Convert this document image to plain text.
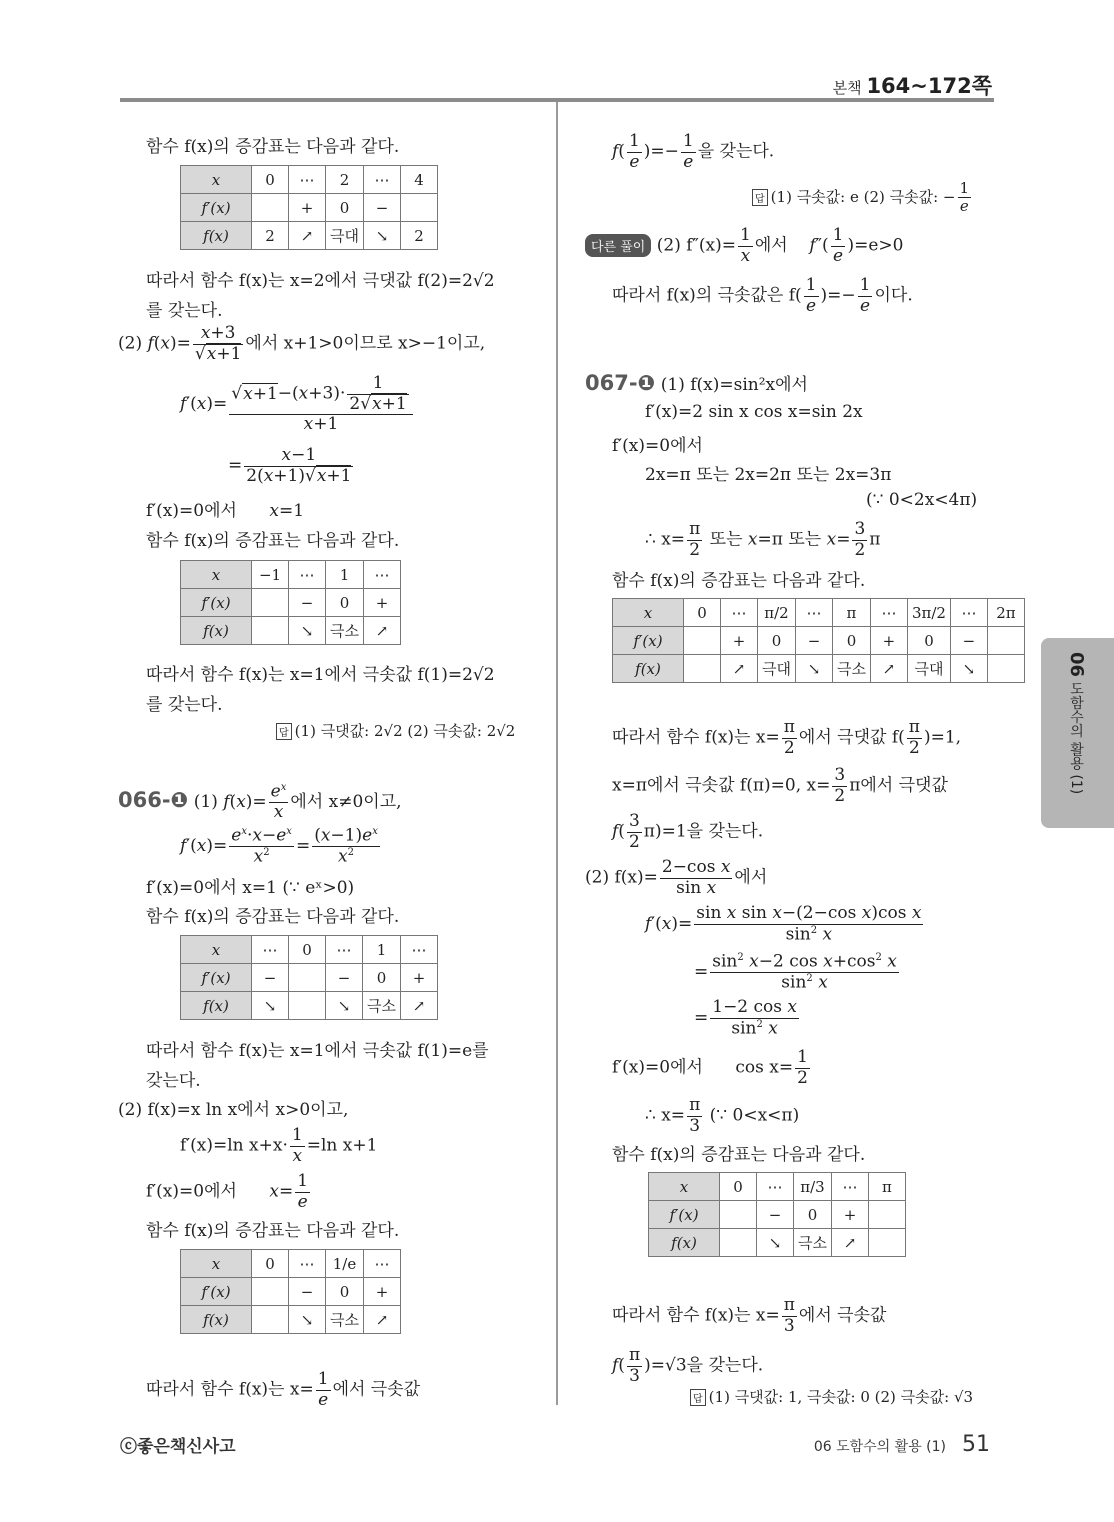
본책 164~172쪽
함수 f(x)의 증감표는 다음과 같다.
x	0	⋯	2	⋯	4
f′(x)		+	0	−	
f(x)	2	↗	극대	↘	2
따라서 함수 f(x)는 x=2에서 극댓값 f(2)=2√2
를 갖는다.
(2) $f(x)= \frac{x+3}{√x+1}$ 에서 x+1>0이므로 x>−1이고,
$f'(x)= \frac{√x+1-(x+3)\cdot \frac{1}{2√x+1}}{x+1}$
= $\frac{x-1}{2(x+1)√x+1}$
f′(x)=0에서 x=1
함수 f(x)의 증감표는 다음과 같다.
x	−1	⋯	1	⋯
f′(x)		−	0	+
f(x)		↘	극소	↗
따라서 함수 f(x)는 x=1에서 극솟값 f(1)=2√2
를 갖는다.
답 (1) 극댓값: 2√2 (2) 극솟값: 2√2
066-❶ (1) $f(x)= \frac{e^x}{x}$ 에서 x≠0이고,
$f'(x)= \frac{e^x\cdot x-e^x}{x^2} = \frac{(x-1)e^x}{x^2}$
f′(x)=0에서 x=1 (∵ eˣ>0)
함수 f(x)의 증감표는 다음과 같다.
x	⋯	0	⋯	1	⋯
f′(x)	−		−	0	+
f(x)	↘		↘	극소	↗
따라서 함수 f(x)는 x=1에서 극솟값 f(1)=e를
갖는다.
(2) f(x)=x ln x에서 x>0이고,
f′(x)=ln $x+x\cdot \frac{1}{x} =\ln$ x+1
f′(x)=0에서 $x= \frac{1}{e}$
함수 f(x)의 증감표는 다음과 같다.
x	0	⋯	1/e	⋯
f′(x)		−	0	+
f(x)		↘	극소	↗
따라서 함수 f(x)는 $x= \frac{1}{e}$ 에서 극솟값
$f( \frac{1}{e}$ )=− $\frac{1}{e}$ 을 갖는다.
답 (1) 극솟값: e (2) 극솟값: − $\frac{1}{e}$
다른 풀이 (2) $f''(x)= \frac{1}{x}$ 에서 $f''( \frac{1}{e} )=e>0$
따라서 f(x)의 극솟값은 $f( \frac{1}{e}$ )=− $\frac{1}{e}$ 이다.
067-❶ (1) f(x)=sin²x에서
f′(x)=2 sin x cos x=sin 2x
f′(x)=0에서
2x=π 또는 2x=2π 또는 2x=3π
(∵ 0<2x<4π)
∴ $x= \frac{\pi}{2}$ 또는 x=π 또는 $x= \frac{3}{2}$ π
함수 f(x)의 증감표는 다음과 같다.
x	0	⋯	π/2	⋯	π	⋯	3π/2	⋯	2π
f′(x)		+	0	−	0	+	0	−	
f(x)		↗	극대	↘	극소	↗	극대	↘	
따라서 함수 f(x)는 $x= \frac{\pi}{2}$ 에서 극댓값 $f( \frac{\pi}{2} )=1$,
x=π에서 극솟값 f(π)=0, $x= \frac{3}{2}$ π에서 극댓값
$f( \frac{3}{2} \pi)=1$을 갖는다.
(2) $f(x)= \frac{\text{2−cos x}}{\text{sin x}}$ 에서
$f'(x)= \frac{\text{sin x sin x−(2−cos x)cos x}}{\sin^2 x}$
= $\frac{\sin^2 x-2 \cos x+\cos^2 x}{\sin^2 x}$
= $\frac{\text{1−2 cos x}}{\sin^2 x}$
f′(x)=0에서 $\cos x= \frac{1}{2}$
∴ $x= \frac{\pi}{3}$ (∵ 0<x<π)
함수 f(x)의 증감표는 다음과 같다.
x	0	⋯	π/3	⋯	π
f′(x)		−	0	+	
f(x)		↘	극소	↗	
따라서 함수 f(x)는 $x= \frac{\pi}{3}$ 에서 극솟값
$f( \frac{\pi}{3} )=√3$을 갖는다.
답 (1) 극댓값: 1, 극솟값: 0 (2) 극솟값: √3
06 도함수의 활용 (1)
ⓒ좋은책신사고	06 도함수의 활용 (1) 51
